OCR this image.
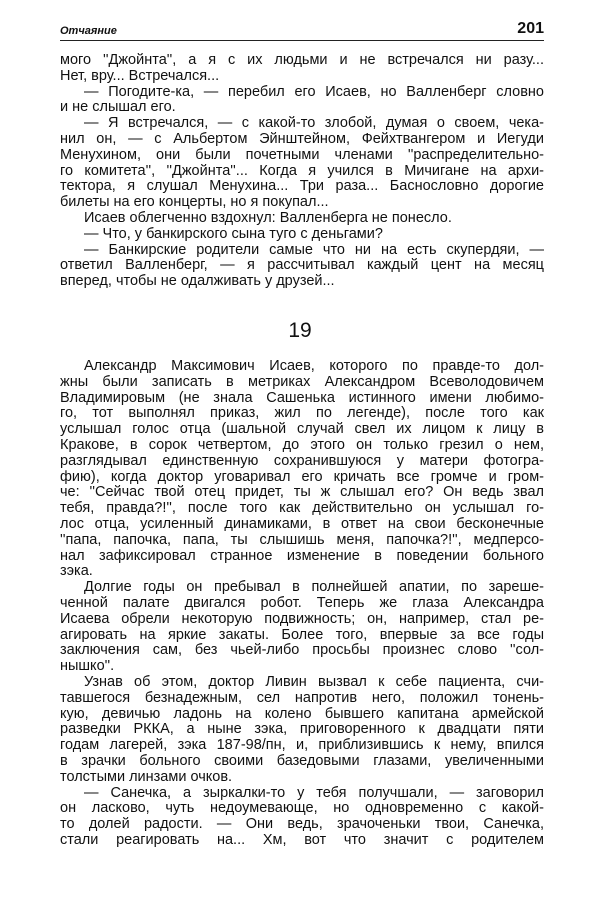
Отчаяние	201
мого ''Джойнта'', а я с их людьми и не встречался ни разу...
Нет, вру... Встречался...
— Погодите-ка, — перебил его Исаев, но Валленберг словно
и не слышал его.
— Я встречался, — с какой-то злобой, думая о своем, чека-
нил он, — с Альбертом Эйнштейном, Фейхтвангером и Иегуди
Менухином, они были почетными членами ''распределительно-
го комитета'', ''Джойнта''... Когда я учился в Мичигане на архи-
тектора, я слушал Менухина... Три раза... Баснословно дорогие
билеты на его концерты, но я покупал...
Исаев облегченно вздохнул: Валленберга не понесло.
— Что, у банкирского сына туго с деньгами?
— Банкирские родители самые что ни на есть скупердяи, —
ответил Валленберг, — я рассчитывал каждый цент на месяц
вперед, чтобы не одалживать у друзей...
19
Александр Максимович Исаев, которого по правде-то дол-
жны были записать в метриках Александром Всеволодовичем
Владимировым (не знала Сашенька истинного имени любимо-
го, тот выполнял приказ, жил по легенде), после того как
услышал голос отца (шальной случай свел их лицом к лицу в
Кракове, в сорок четвертом, до этого он только грезил о нем,
разглядывал единственную сохранившуюся у матери фотогра-
фию), когда доктор уговаривал его кричать все громче и гром-
че: ''Сейчас твой отец придет, ты ж слышал его? Он ведь звал
тебя, правда?!'', после того как действительно он услышал го-
лос отца, усиленный динамиками, в ответ на свои бесконечные
''папа, папочка, папа, ты слышишь меня, папочка?!'', медперсо-
нал зафиксировал странное изменение в поведении больного
зэка.
Долгие годы он пребывал в полнейшей апатии, по зареше-
ченной палате двигался робот. Теперь же глаза Александра
Исаева обрели некоторую подвижность; он, например, стал ре-
агировать на яркие закаты. Более того, впервые за все годы
заключения сам, без чьей-либо просьбы произнес слово ''сол-
нышко''.
Узнав об этом, доктор Ливин вызвал к себе пациента, счи-
тавшегося безнадежным, сел напротив него, положил тонень-
кую, девичью ладонь на колено бывшего капитана армейской
разведки РККА, а ныне зэка, приговоренного к двадцати пяти
годам лагерей, зэка 187-98/пн, и, приблизившись к нему, впился
в зрачки больного своими базедовыми глазами, увеличенными
толстыми линзами очков.
— Санечка, а зыркалки-то у тебя получшали, — заговорил
он ласково, чуть недоумевающе, но одновременно с какой-
то долей радости. — Они ведь, зрачоченьки твои, Санечка,
стали реагировать на... Хм, вот что значит с родителем
